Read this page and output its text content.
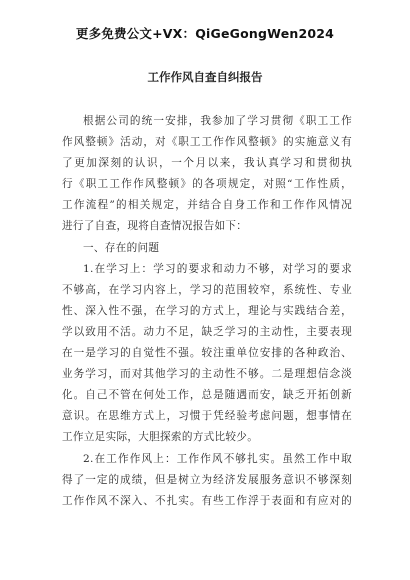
更多免费公文+VX：QiGeGongWen2024
工作作风自查自纠报告
根据公司的统一安排，我参加了学习贯彻《职工工作
作风整顿》活动，对《职工工作作风整顿》的实施意义有
了更加深刻的认识，一个月以来，我认真学习和贯彻执
行《职工工作作风整顿》的各项规定，对照“工作性质，
工作流程”的相关规定，并结合自身工作和工作作风情况
进行了自查，现将自查情况报告如下：
一、存在的问题
1.在学习上：学习的要求和动力不够，对学习的要求
不够高，在学习内容上，学习的范围较窄，系统性、专业
性、深入性不强，在学习的方式上，理论与实践结合差，
学以致用不活。动力不足，缺乏学习的主动性，主要表现
在一是学习的自觉性不强。较注重单位安排的各种政治、
业务学习，而对其他学习的主动性不够。二是理想信念淡
化。自己不管在何处工作，总是随遇而安，缺乏开拓创新
意识。在思维方式上，习惯于凭经验考虑问题，想事情在
工作立足实际，大胆探索的方式比较少。
2.在工作作风上：工作作风不够扎实。虽然工作中取
得了一定的成绩，但是树立为经济发展服务意识不够深刻
工作作风不深入、不扎实。有些工作浮于表面和有应对的
